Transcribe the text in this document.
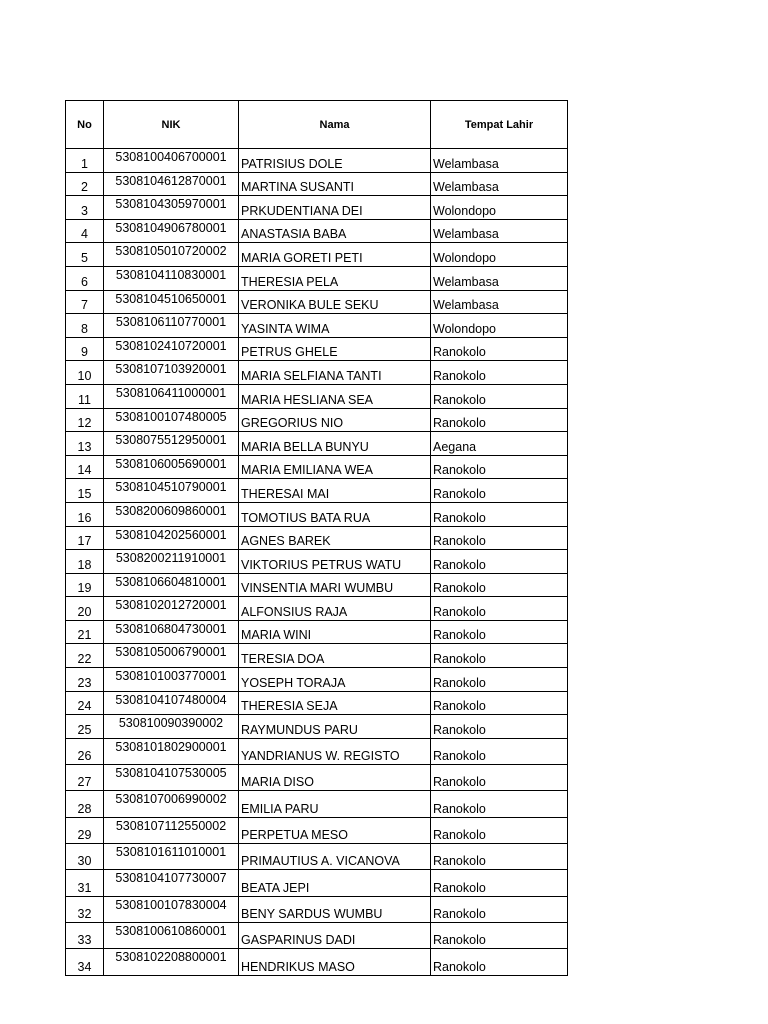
No	NIK	Nama	Tempat Lahir
1	5308100406700001	PATRISIUS DOLE	Welambasa
2	5308104612870001	MARTINA SUSANTI	Welambasa
3	5308104305970001	PRKUDENTIANA DEI	Wolondopo
4	5308104906780001	ANASTASIA BABA	Welambasa
5	5308105010720002	MARIA GORETI PETI	Wolondopo
6	5308104110830001	THERESIA PELA	Welambasa
7	5308104510650001	VERONIKA BULE SEKU	Welambasa
8	5308106110770001	YASINTA WIMA	Wolondopo
9	5308102410720001	PETRUS GHELE	Ranokolo
10	5308107103920001	MARIA SELFIANA TANTI	Ranokolo
11	5308106411000001	MARIA HESLIANA SEA	Ranokolo
12	5308100107480005	GREGORIUS NIO	Ranokolo
13	5308075512950001	MARIA BELLA BUNYU	Aegana
14	5308106005690001	MARIA EMILIANA WEA	Ranokolo
15	5308104510790001	THERESAI MAI	Ranokolo
16	5308200609860001	TOMOTIUS BATA RUA	Ranokolo
17	5308104202560001	AGNES BAREK	Ranokolo
18	5308200211910001	VIKTORIUS PETRUS WATU	Ranokolo
19	5308106604810001	VINSENTIA MARI WUMBU	Ranokolo
20	5308102012720001	ALFONSIUS RAJA	Ranokolo
21	5308106804730001	MARIA WINI	Ranokolo
22	5308105006790001	TERESIA DOA	Ranokolo
23	5308101003770001	YOSEPH TORAJA	Ranokolo
24	5308104107480004	THERESIA SEJA	Ranokolo
25	530810090390002	RAYMUNDUS PARU	Ranokolo
26	5308101802900001	YANDRIANUS W. REGISTO	Ranokolo
27	5308104107530005	MARIA DISO	Ranokolo
28	5308107006990002	EMILIA PARU	Ranokolo
29	5308107112550002	PERPETUA MESO	Ranokolo
30	5308101611010001	PRIMAUTIUS A. VICANOVA	Ranokolo
31	5308104107730007	BEATA JEPI	Ranokolo
32	5308100107830004	BENY SARDUS WUMBU	Ranokolo
33	5308100610860001	GASPARINUS DADI	Ranokolo
34	5308102208800001	HENDRIKUS MASO	Ranokolo
